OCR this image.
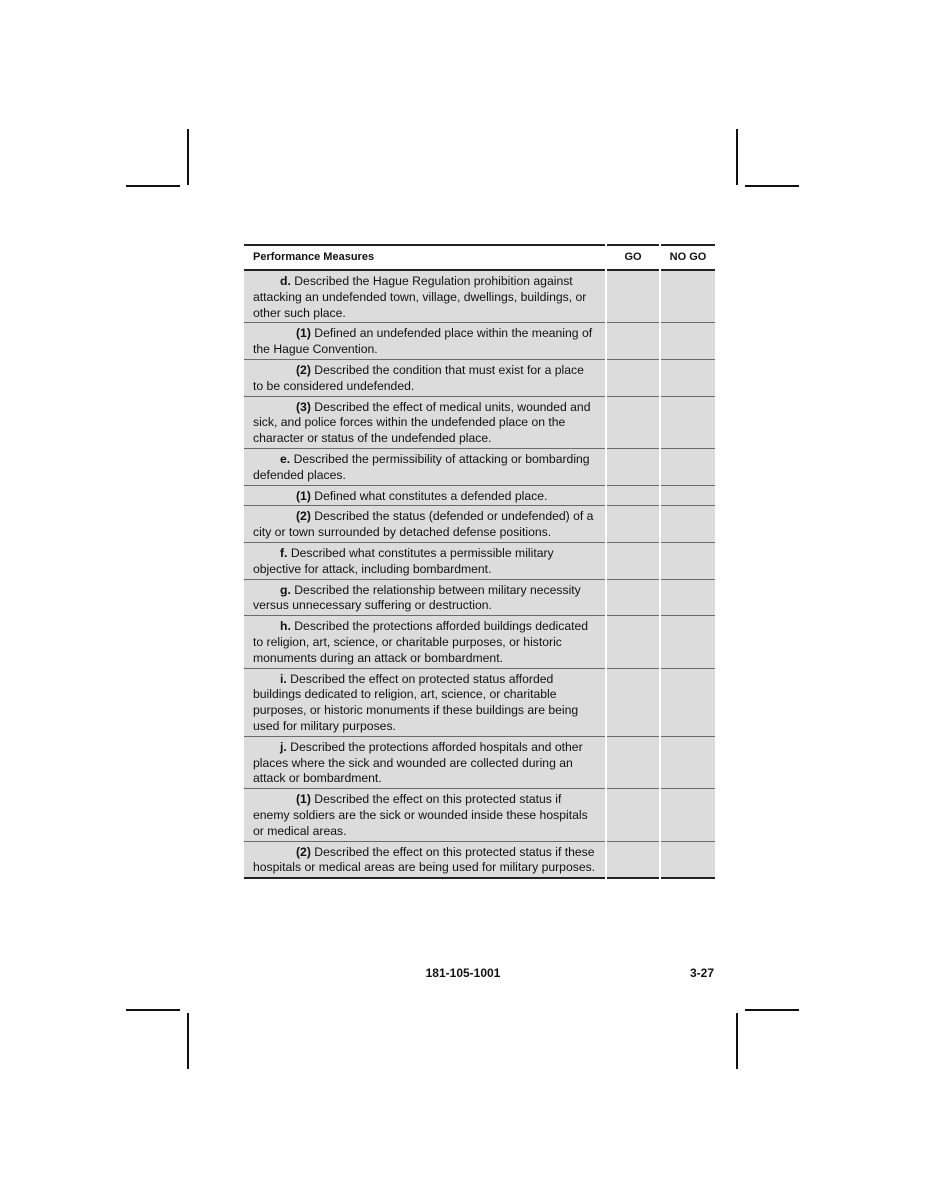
Performance Measures	GO	NO GO
d. Described the Hague Regulation prohibition against attacking an undefended town, village, dwellings, buildings, or other such place.		
(1) Defined an undefended place within the meaning of the Hague Convention.		
(2) Described the condition that must exist for a place to be considered undefended.		
(3) Described the effect of medical units, wounded and sick, and police forces within the undefended place on the character or status of the undefended place.		
e. Described the permissibility of attacking or bombarding defended places.		
(1) Defined what constitutes a defended place.		
(2) Described the status (defended or undefended) of a city or town surrounded by detached defense positions.		
f. Described what constitutes a permissible military objective for attack, including bombardment.		
g. Described the relationship between military necessity versus unnecessary suffering or destruction.		
h. Described the protections afforded buildings dedicated to religion, art, science, or charitable purposes, or historic monuments during an attack or bombardment.		
i. Described the effect on protected status afforded buildings dedicated to religion, art, science, or charitable purposes, or historic monuments if these buildings are being used for military purposes.		
j. Described the protections afforded hospitals and other places where the sick and wounded are collected during an attack or bombardment.		
(1) Described the effect on this protected status if enemy soldiers are the sick or wounded inside these hospitals or medical areas.		
(2) Described the effect on this protected status if these hospitals or medical areas are being used for military purposes.		
181-105-1001	3-27
